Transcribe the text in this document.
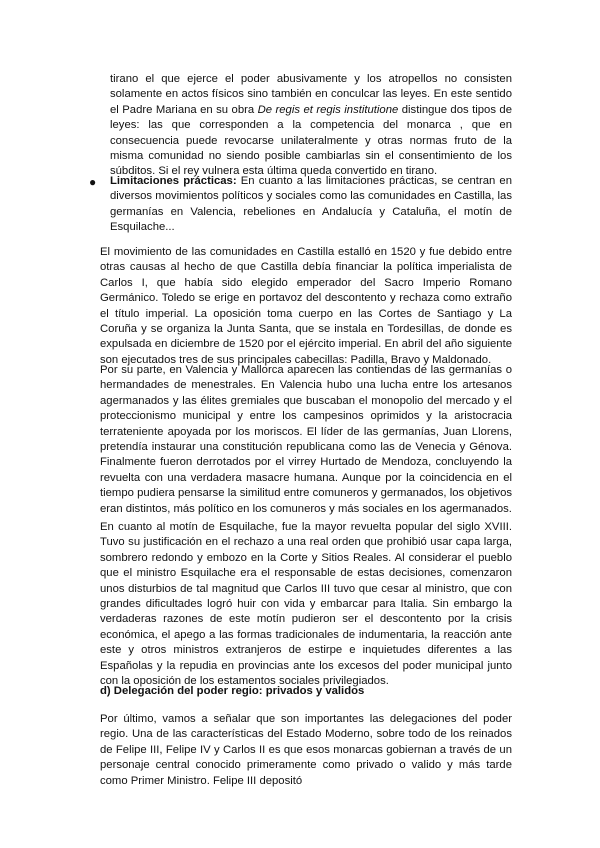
tirano el que ejerce el poder abusivamente y los atropellos no consisten solamente en actos físicos sino también en conculcar las leyes. En este sentido el Padre Mariana en su obra De regis et regis institutione distingue dos tipos de leyes: las que corresponden a la competencia del monarca , que en consecuencia puede revocarse unilateralmente y otras normas fruto de la misma comunidad no siendo posible cambiarlas sin el consentimiento de los súbditos. Si el rey vulnera esta última queda convertido en tirano.

● Limitaciones prácticas: En cuanto a las limitaciones prácticas, se centran en diversos movimientos políticos y sociales como las comunidades en Castilla, las germanías en Valencia, rebeliones en Andalucía y Cataluña, el motín de Esquilache...

El movimiento de las comunidades en Castilla estalló en 1520 y fue debido entre otras causas al hecho de que Castilla debía financiar la política imperialista de Carlos I, que había sido elegido emperador del Sacro Imperio Romano Germánico. Toledo se erige en portavoz del descontento y rechaza como extraño el título imperial. La oposición toma cuerpo en las Cortes de Santiago y La Coruña y se organiza la Junta Santa, que se instala en Tordesillas, de donde es expulsada en diciembre de 1520 por el ejército imperial. En abril del año siguiente son ejecutados tres de sus principales cabecillas: Padilla, Bravo y Maldonado.

Por su parte, en Valencia y Mallorca aparecen las contiendas de las germanías o hermandades de menestrales. En Valencia hubo una lucha entre los artesanos agermanados y las élites gremiales que buscaban el monopolio del mercado y el proteccionismo municipal y entre los campesinos oprimidos y la aristocracia terrateniente apoyada por los moriscos. El líder de las germanías, Juan Llorens, pretendía instaurar una constitución republicana como las de Venecia y Génova. Finalmente fueron derrotados por el virrey Hurtado de Mendoza, concluyendo la revuelta con una verdadera masacre humana. Aunque por la coincidencia en el tiempo pudiera pensarse la similitud entre comuneros y germanados, los objetivos eran distintos, más político en los comuneros y más sociales en los agermanados.

En cuanto al motín de Esquilache, fue la mayor revuelta popular del siglo XVIII. Tuvo su justificación en el rechazo a una real orden que prohibió usar capa larga, sombrero redondo y embozo en la Corte y Sitios Reales. Al considerar el pueblo que el ministro Esquilache era el responsable de estas decisiones, comenzaron unos disturbios de tal magnitud que Carlos III tuvo que cesar al ministro, que con grandes dificultades logró huir con vida y embarcar para Italia. Sin embargo la verdaderas razones de este motín pudieron ser el descontento por la crisis económica, el apego a las formas tradicionales de indumentaria, la reacción ante este y otros ministros extranjeros de estirpe e inquietudes diferentes a las Españolas y la repudia en provincias ante los excesos del poder municipal junto con la oposición de los estamentos sociales privilegiados.

d) Delegación del poder regio: privados y validos

Por último, vamos a señalar que son importantes las delegaciones del poder regio. Una de las características del Estado Moderno, sobre todo de los reinados de Felipe III, Felipe IV y Carlos II es que esos monarcas gobiernan a través de un personaje central conocido primeramente como privado o valido y más tarde como Primer Ministro. Felipe III depositó
